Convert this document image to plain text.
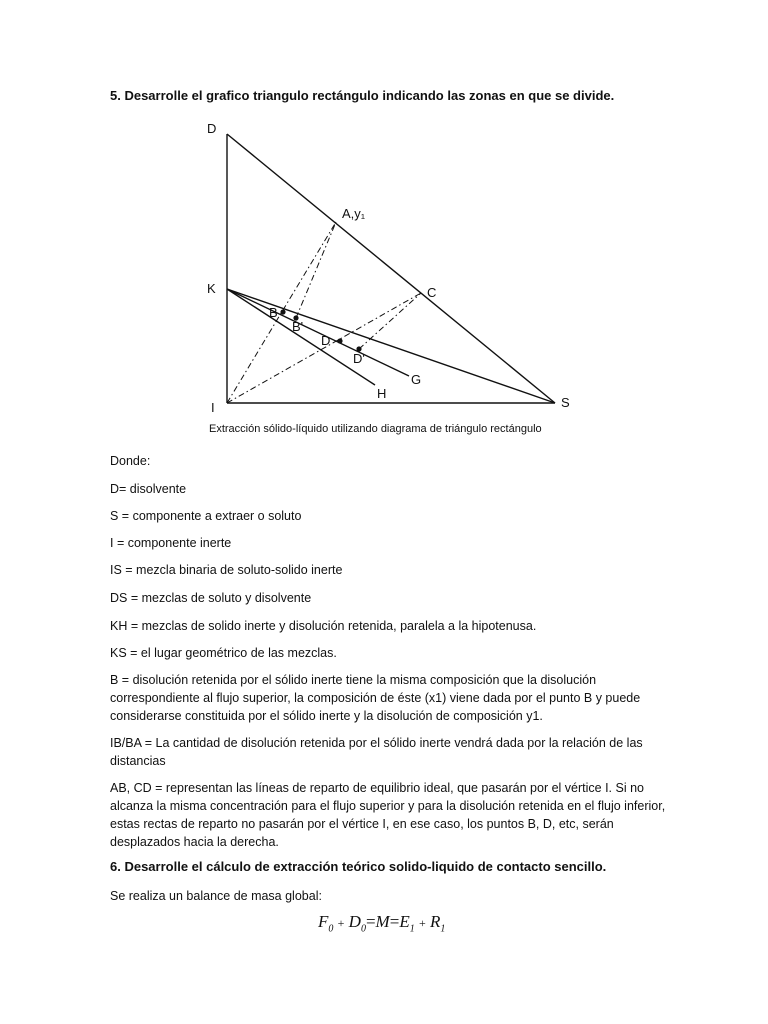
5. Desarrolle el grafico triangulo rectángulo indicando las zonas en que se divide.
D
A,y₁
K	C
B
B'
D
D'
G
H
I	S
Extracción sólido-líquido utilizando diagrama de triángulo rectángulo
Donde:
D= disolvente
S = componente a extraer o soluto
I = componente inerte
IS = mezcla binaria de soluto-solido inerte
DS = mezclas de soluto y disolvente
KH = mezclas de solido inerte y disolución retenida, paralela a la hipotenusa.
KS = el lugar geométrico de las mezclas.
B = disolución retenida por el sólido inerte tiene la misma composición que la disolución correspondiente al flujo superior, la composición de éste (x1) viene dada por el punto B y puede considerarse constituida por el sólido inerte y la disolución de composición y1.
IB/BA = La cantidad de disolución retenida por el sólido inerte vendrá dada por la relación de las distancias
AB, CD = representan las líneas de reparto de equilibrio ideal, que pasarán por el vértice I. Si no alcanza la misma concentración para el flujo superior y para la disolución retenida en el flujo inferior, estas rectas de reparto no pasarán por el vértice I, en ese caso, los puntos B, D, etc, serán desplazados hacia la derecha.
6. Desarrolle el cálculo de extracción teórico solido-liquido de contacto sencillo.
Se realiza un balance de masa global:
$F_0 + D_0=M=E_1 + R_1$
